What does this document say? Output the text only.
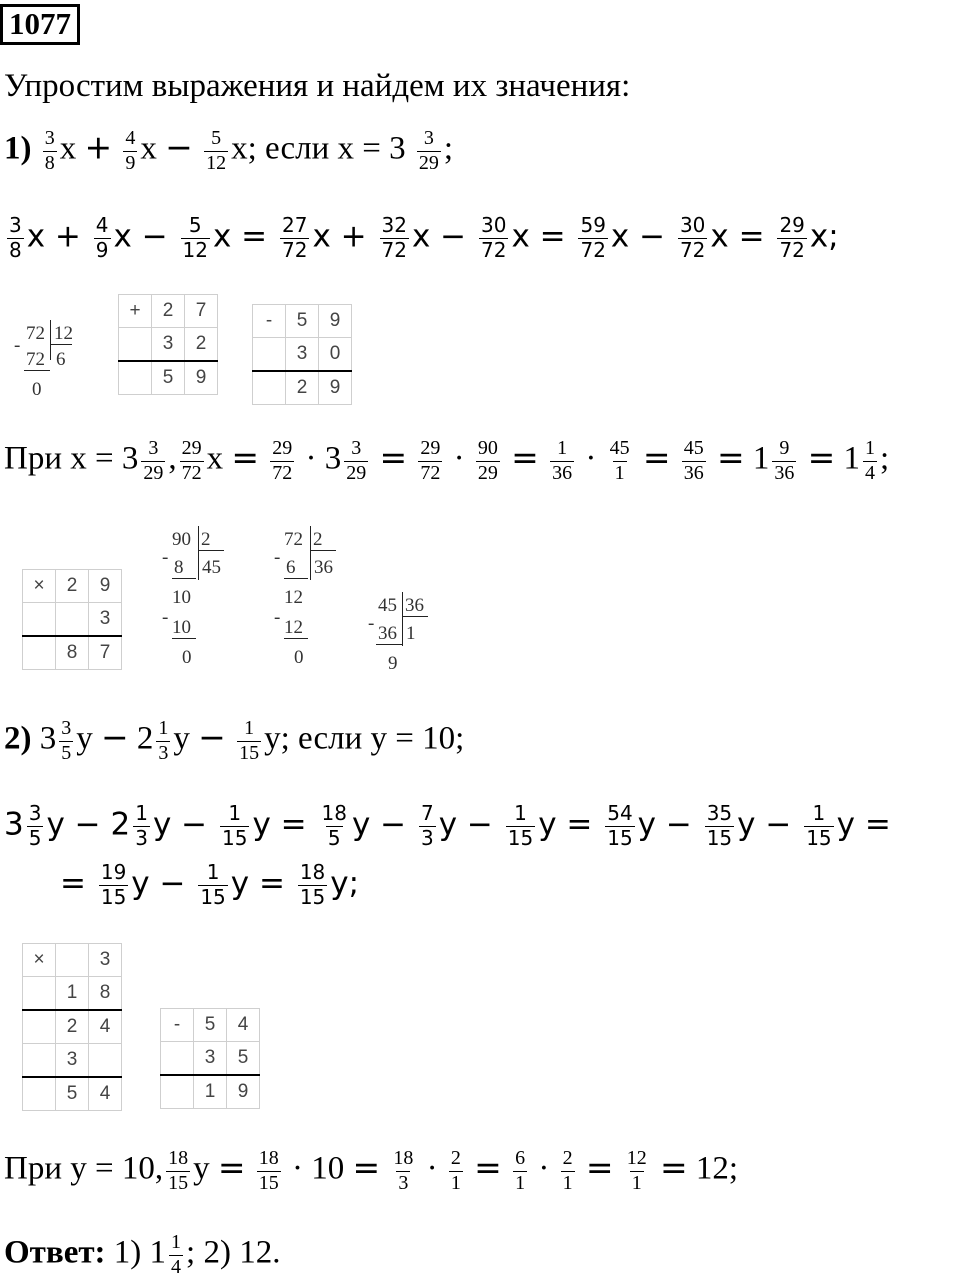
1077
Упростим выражения и найдем их значения:
$1) \frac{3}{8}$ $x + \frac{4}{9}$ $x - \frac{5}{12} x$; если $x = 3 \frac{3}{29}$ ;
$\frac{3}{8}$ $x + \frac{4}{9}$ $x - \frac{5}{12}$ $x = \frac{27}{72}$ $x + \frac{32}{72}$ $x - \frac{30}{72}$ $x = \frac{59}{72}$ $x - \frac{30}{72}$ $x = \frac{29}{72} x$;
72 12
-
72 6
0
+	2	7
	3	2
	5	9
-	5	9
	3	0
	2	9
При $x = 3 \frac{3}{29}$ , $\frac{29}{72}$ $x = \frac{29}{72} \cdot 3 \frac{3}{29} = \frac{29}{72} \cdot \frac{90}{29} = \frac{1}{36} \cdot \frac{45}{1} = \frac{45}{36} = 1 \frac{9}{36} = 1 \frac{1}{4}$ ;
×	2	9
		3
	8	7
90 2
- 8 45
10
- 10
0
72 2
- 6 36
12
- 12
0
45 36
- 36 1
9
2) $3 \frac{3}{5}$ $y - 2 \frac{1}{3}$ $y - \frac{1}{15} y$; если y = 10;
$3 \frac{3}{5}$ $y - 2 \frac{1}{3}$ $y - \frac{1}{15}$ $y = \frac{18}{5}$ $y - \frac{7}{3}$ $y - \frac{1}{15}$ $y = \frac{54}{15}$ $y - \frac{35}{15}$ $y - \frac{1}{15}$ y =
= $\frac{19}{15}$ $y - \frac{1}{15}$ $y = \frac{18}{15} y$;
×		3
	1	8
	2	4
	3	
	5	4
-	5	4
	3	5
	1	9
При y = 10, $\frac{18}{15}$ $y = \frac{18}{15} \cdot 10 = \frac{18}{3} \cdot \frac{2}{1} = \frac{6}{1} \cdot \frac{2}{1} = \frac{12}{1} = 12$;
Ответ: 1) $1 \frac{1}{4}$ ; 2) 12.
